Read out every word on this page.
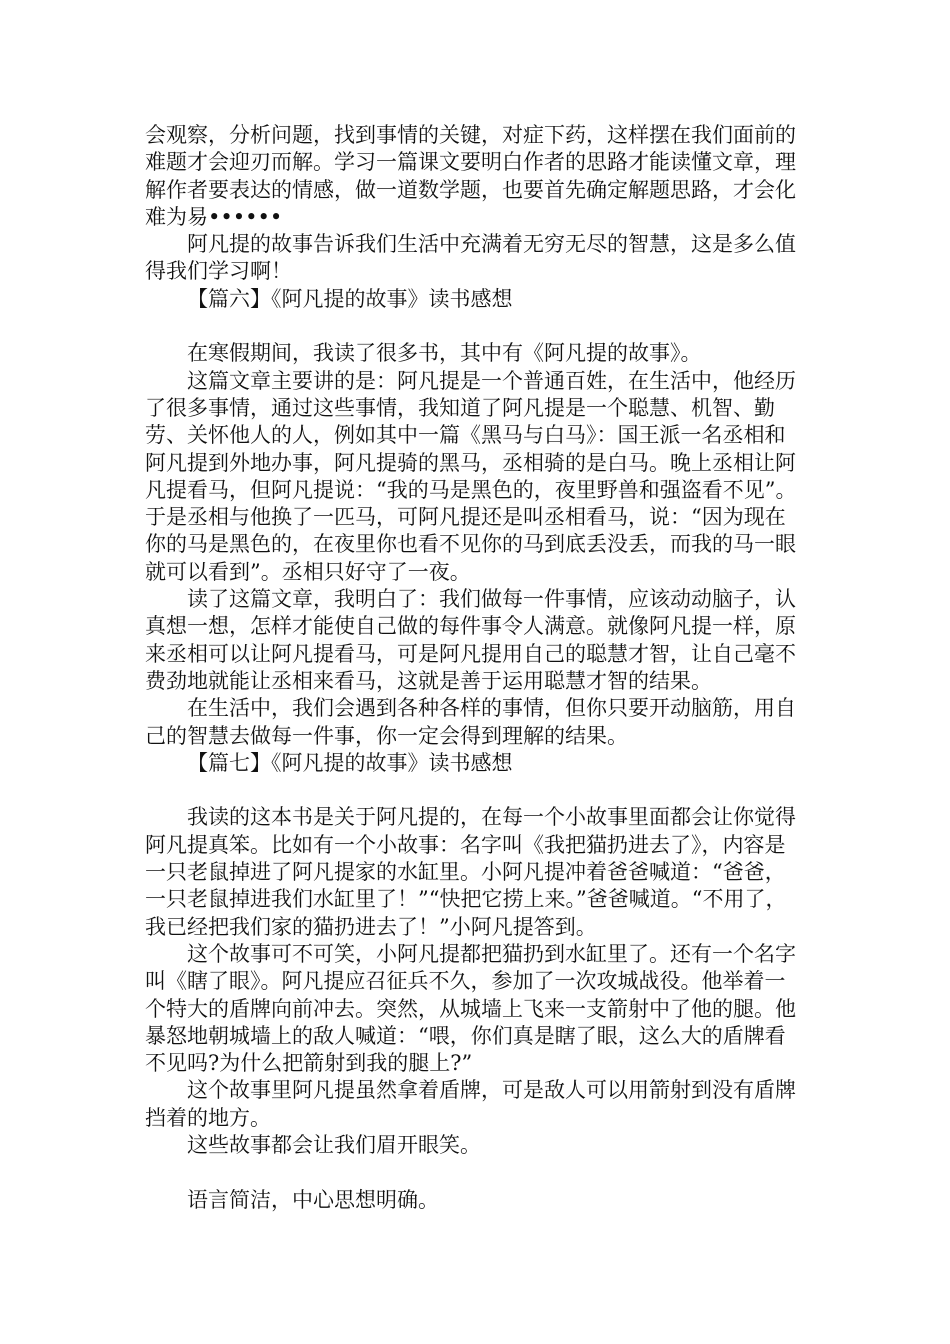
会观察，分析问题，找到事情的关键，对症下药，这样摆在我们面前的难题才会迎刃而解。学习一篇课文要明白作者的思路才能读懂文章，理解作者要表达的情感，做一道数学题，也要首先确定解题思路，才会化难为易••••••

阿凡提的故事告诉我们生活中充满着无穷无尽的智慧，这是多么值得我们学习啊！

【篇六】《阿凡提的故事》读书感想

在寒假期间，我读了很多书，其中有《阿凡提的故事》。

这篇文章主要讲的是：阿凡提是一个普通百姓，在生活中，他经历了很多事情，通过这些事情，我知道了阿凡提是一个聪慧、机智、勤劳、关怀他人的人，例如其中一篇《黑马与白马》：国王派一名丞相和阿凡提到外地办事，阿凡提骑的黑马，丞相骑的是白马。晚上丞相让阿凡提看马，但阿凡提说：“我的马是黑色的，夜里野兽和强盗看不见”。于是丞相与他换了一匹马，可阿凡提还是叫丞相看马，说：“因为现在你的马是黑色的，在夜里你也看不见你的马到底丢没丢，而我的马一眼就可以看到”。丞相只好守了一夜。

读了这篇文章，我明白了：我们做每一件事情，应该动动脑子，认真想一想，怎样才能使自己做的每件事令人满意。就像阿凡提一样，原来丞相可以让阿凡提看马，可是阿凡提用自己的聪慧才智，让自己毫不费劲地就能让丞相来看马，这就是善于运用聪慧才智的结果。

在生活中，我们会遇到各种各样的事情，但你只要开动脑筋，用自己的智慧去做每一件事，你一定会得到理解的结果。

【篇七】《阿凡提的故事》读书感想

我读的这本书是关于阿凡提的，在每一个小故事里面都会让你觉得阿凡提真笨。比如有一个小故事：名字叫《我把猫扔进去了》，内容是一只老鼠掉进了阿凡提家的水缸里。小阿凡提冲着爸爸喊道：“爸爸，一只老鼠掉进我们水缸里了！”“快把它捞上来。”爸爸喊道。“不用了，我已经把我们家的猫扔进去了！”小阿凡提答到。

这个故事可不可笑，小阿凡提都把猫扔到水缸里了。还有一个名字叫《瞎了眼》。阿凡提应召征兵不久，参加了一次攻城战役。他举着一个特大的盾牌向前冲去。突然，从城墙上飞来一支箭射中了他的腿。他暴怒地朝城墙上的敌人喊道：“喂，你们真是瞎了眼，这么大的盾牌看不见吗?为什么把箭射到我的腿上?”

这个故事里阿凡提虽然拿着盾牌，可是敌人可以用箭射到没有盾牌挡着的地方。

这些故事都会让我们眉开眼笑。

语言简洁，中心思想明确。
